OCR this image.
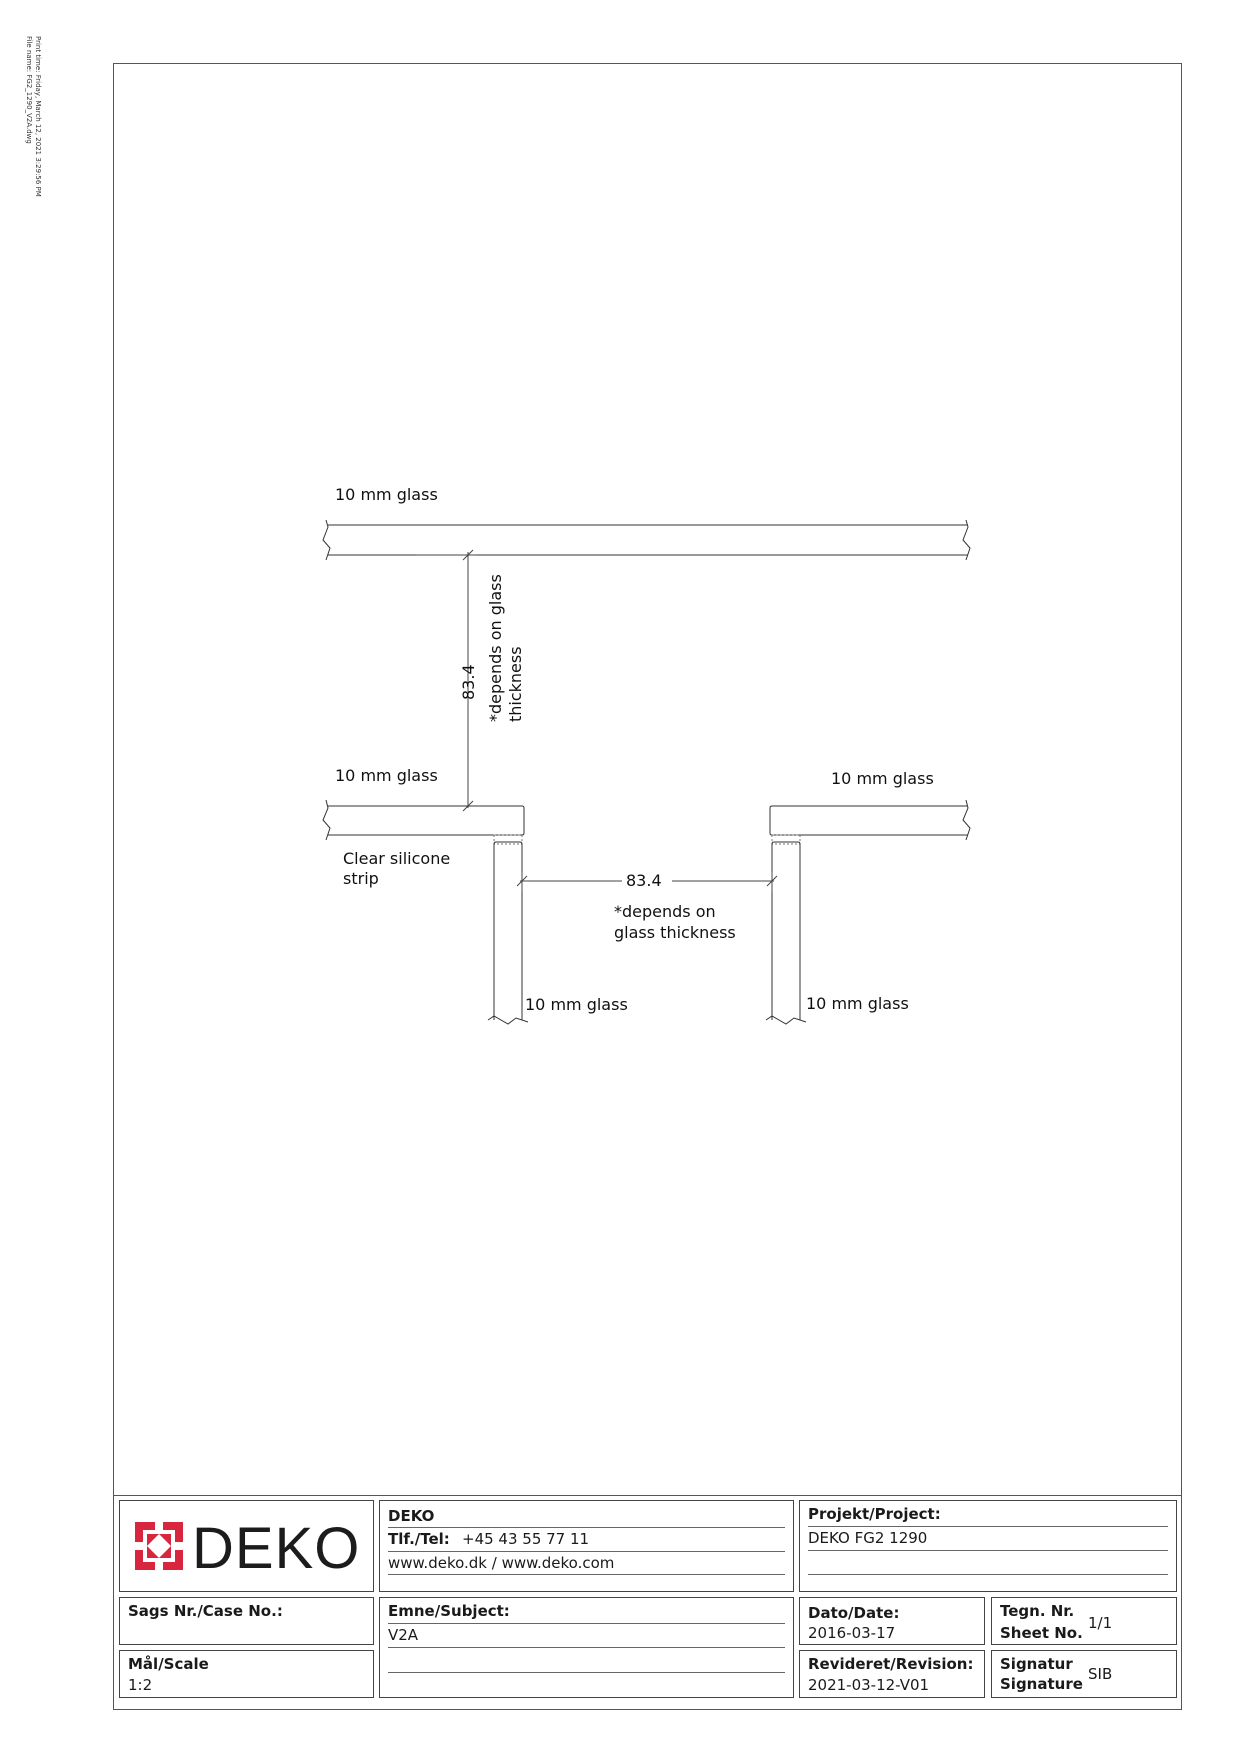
Print time: Friday, March 12, 2021 3:29:56 PM
File name: FG2_1290_V2A.dwg
10 mm glass
83.4 *depends on glass thickness
10 mm glass	10 mm glass
Clear silicone
strip	83.4
*depends on
glass thickness
10 mm glass	10 mm glass
DEKO DEKO
Tlf./Tel: +45 43 55 77 11
www.deko.dk / www.deko.com
Projekt/Project:
DEKO FG2 1290
Sags Nr./Case No.:	Emne/Subject:
V2A
Dato/Date:
2016-03-17
Tegn. Nr.
Sheet No.
1/1
Mål/Scale
1:2
Revideret/Revision:
2021-03-12-V01
Signatur
Signature
SIB
